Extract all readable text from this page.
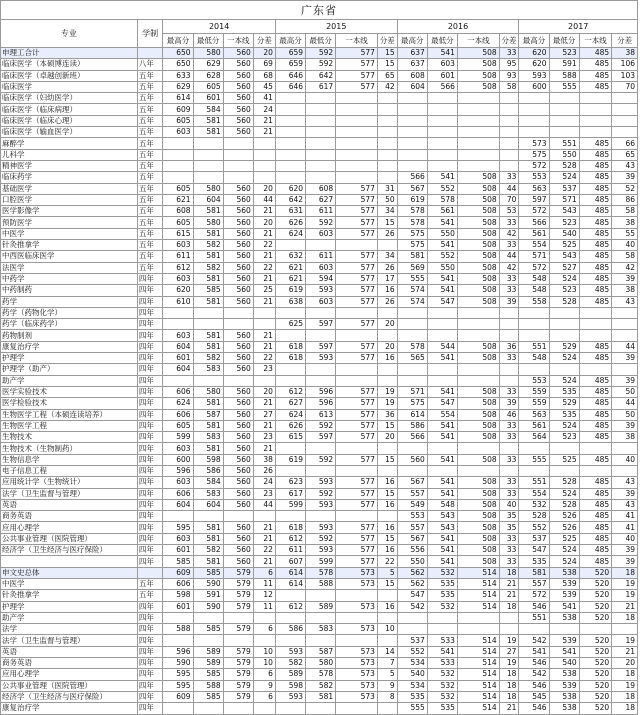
广东省																	
专业	学制	2014				2015				2016				2017			
		最高分	最低分	一本线	分差	最高分	最低分	一本线	分差	最高分	最低分	一本线	分差	最高分	最低分	一本线	分差
申理工合计		650	580	560	20	659	592	577	15	637	541	508	33	620	523	485	38
临床医学（本硕博连读）	八年	650	629	560	69	659	592	577	15	637	603	508	95	620	591	485	106
临床医学（卓越创新班）	五年	633	628	560	68	646	642	577	65	608	601	508	93	593	588	485	103
临床医学	五年	629	605	560	45	646	617	577	42	604	566	508	58	600	555	485	70
临床医学（妇幼医学）	五年	614	601	560	41												
临床医学（临床病理）	五年	609	584	560	24												
临床医学（临床心理）	五年	605	581	560	21												
临床医学（输血医学）	五年	603	581	560	21												
麻醉学	五年													573	551	485	66
儿科学	五年													575	550	485	65
精神医学	五年													572	528	485	43
临床药学	五年									566	541	508	33	553	524	485	39
基础医学	五年	605	580	560	20	620	608	577	31	567	552	508	44	563	537	485	52
口腔医学	五年	621	604	560	44	642	627	577	50	619	578	508	70	597	571	485	86
医学影像学	五年	608	581	560	21	631	611	577	34	578	561	508	53	572	543	485	58
预防医学	五年	605	580	560	20	626	592	577	15	578	541	508	33	566	523	485	38
中医学	五年	615	581	560	21	624	603	577	26	575	550	508	42	561	540	485	55
针灸推拿学	五年	603	582	560	22					575	541	508	33	554	525	485	40
中西医临床医学	五年	611	581	560	21	632	611	577	34	581	552	508	44	571	543	485	58
法医学	五年	612	582	560	22	621	603	577	26	569	550	508	42	572	527	485	42
中药学	四年	603	581	560	21	621	594	577	17	555	541	508	33	548	524	485	39
中药制药	四年	620	585	560	25	619	593	577	16	574	541	508	33	548	523	485	38
药学	四年	610	581	560	21	638	603	577	26	574	547	508	39	558	528	485	43
药学（药物化学）	四年																
药学（临床药学）	四年					625	597	577	20								
药物制剂	四年	603	581	560	21												
康复治疗学	四年	604	581	560	21	618	597	577	20	578	544	508	36	551	529	485	44
护理学	四年	601	582	560	22	618	593	577	16	565	541	508	33	548	524	485	39
护理学（助产）	四年	604	583	560	23												
助产学	四年													553	524	485	39
医学实验技术	四年	606	580	560	20	612	596	577	19	571	541	508	33	559	535	485	50
医学检验技术	四年	624	581	560	21	627	596	577	19	575	547	508	39	559	529	485	44
生物医学工程（本硕连读培养）	四年	606	587	560	27	624	613	577	36	614	554	508	46	563	535	485	50
生物医学工程	四年	605	581	560	21	626	592	577	15	586	541	508	33	561	524	485	39
生物技术	四年	599	583	560	23	615	597	577	20	566	541	508	33	564	523	485	38
生物技术（生物制药）	四年	603	581	560	21												
生物信息学	四年	600	598	560	38	619	592	577	15	560	541	508	33	555	525	485	40
电子信息工程	四年	596	586	560	26												
应用统计学（生物统计）	四年	603	584	560	24	623	593	577	16	567	541	508	33	551	528	485	43
法学（卫生监督与管理）	四年	606	583	560	23	617	592	577	15	557	541	508	33	554	524	485	39
英语	四年	604	604	560	44	599	593	577	16	549	548	508	40	532	528	485	43
商务英语	四年									553	543	508	35	528	526	485	41
应用心理学	四年	595	581	560	21	618	593	577	16	557	543	508	35	552	526	485	41
公共事业管理（医院管理）	四年	603	581	560	21	612	592	577	15	567	541	508	33	537	525	485	40
经济学（卫生经济与医疗保险）	四年	601	582	560	22	611	593	577	16	556	541	508	33	547	524	485	39
	四年	585	581	560	21	607	599	577	22	550	541	508	33	535	524	485	39
申文史总体		609	585	579	6	614	578	573	5	562	532	514	18	581	538	520	18
中医学	五年	606	590	579	11	614	588	573	15	562	535	514	21	557	539	520	19
针灸推拿学	五年	598	591	579	12					547	535	514	21	572	539	520	19
护理学	四年	601	590	579	11	612	589	573	16	542	532	514	18	546	541	520	21
助产学	四年													551	538	520	18
法学	四年	588	585	579	6	586	583	573	10								
法学（卫生监督与管理）	四年									537	533	514	19	542	539	520	19
英语	四年	596	589	579	10	593	587	573	14	552	541	514	27	541	541	520	21
商务英语	四年	590	589	579	10	582	580	573	7	534	533	514	19	546	540	520	20
应用心理学	四年	595	585	579	6	589	578	573	5	540	532	514	18	542	538	520	18
公共事业管理（医院管理）	四年	595	588	579	9	598	582	573	9	534	532	514	18	546	539	520	19
经济学（卫生经济与医疗保险）	四年	609	585	579	6	593	581	573	8	535	532	514	18	545	538	520	18
康复治疗学	四年									555	535	514	21	546	538	520	18
